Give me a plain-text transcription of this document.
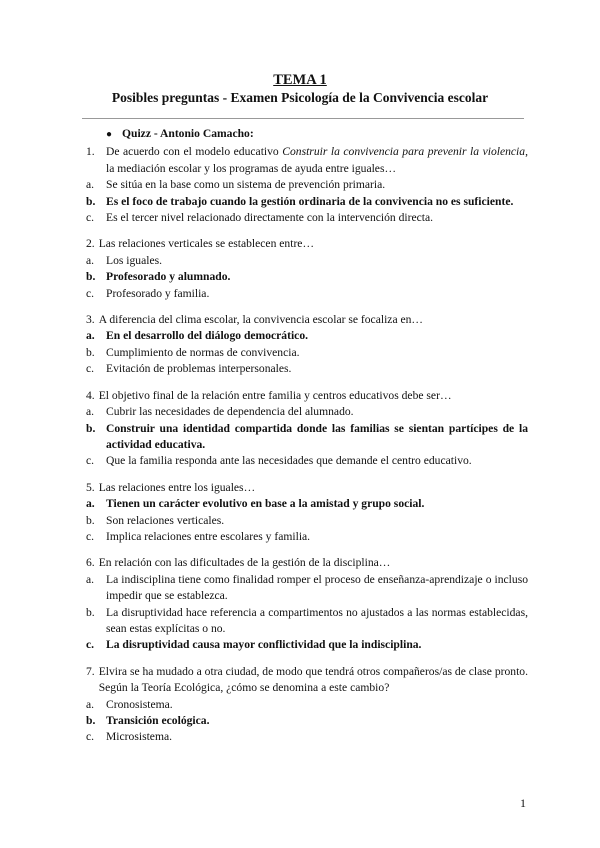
TEMA 1
Posibles preguntas - Examen Psicología de la Convivencia escolar
● Quizz - Antonio Camacho:
1. De acuerdo con el modelo educativo Construir la convivencia para prevenir la violencia, la mediación escolar y los programas de ayuda entre iguales…
a.	Se sitúa en la base como un sistema de prevención primaria.
b. Es el foco de trabajo cuando la gestión ordinaria de la convivencia no es suficiente.
c.	Es el tercer nivel relacionado directamente con la intervención directa.
2. Las relaciones verticales se establecen entre…
a.	Los iguales.
b. Profesorado y alumnado.
c.	Profesorado y familia.
3. A diferencia del clima escolar, la convivencia escolar se focaliza en…
a. En el desarrollo del diálogo democrático.
b. Cumplimiento de normas de convivencia.
c.	Evitación de problemas interpersonales.
4. El objetivo final de la relación entre familia y centros educativos debe ser…
a.	Cubrir las necesidades de dependencia del alumnado.
b. Construir una identidad compartida donde las familias se sientan partícipes de la actividad educativa.
c.	Que la familia responda ante las necesidades que demande el centro educativo.
5. Las relaciones entre los iguales…
a. Tienen un carácter evolutivo en base a la amistad y grupo social.
b. Son relaciones verticales.
c.	Implica relaciones entre escolares y familia.
6. En relación con las dificultades de la gestión de la disciplina…
a.	La indisciplina tiene como finalidad romper el proceso de enseñanza-aprendizaje o incluso impedir que se establezca.
b. La disruptividad hace referencia a compartimentos no ajustados a las normas establecidas, sean estas explícitas o no.
c.	La disruptividad causa mayor conflictividad que la indisciplina.
7. Elvira se ha mudado a otra ciudad, de modo que tendrá otros compañeros/as de clase pronto. Según la Teoría Ecológica, ¿cómo se denomina a este cambio?
a.	Cronosistema.
b. Transición ecológica.
c.	Microsistema.
1
